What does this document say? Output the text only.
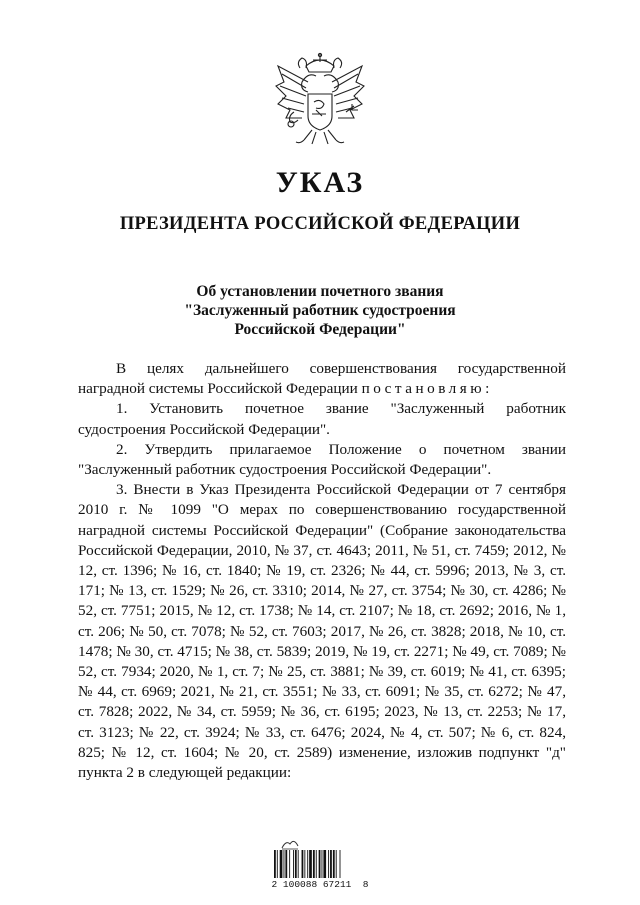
УКАЗ
ПРЕЗИДЕНТА РОССИЙСКОЙ ФЕДЕРАЦИИ
Об установлении почетного звания
"Заслуженный работник судостроения
Российской Федерации"

В целях дальнейшего совершенствования государственной наградной системы Российской Федерации постановляю:

1. Установить почетное звание "Заслуженный работник судостроения Российской Федерации".

2. Утвердить прилагаемое Положение о почетном звании "Заслуженный работник судостроения Российской Федерации".

3. Внести в Указ Президента Российской Федерации от 7 сентября 2010 г. № 1099 "О мерах по совершенствованию государственной наградной системы Российской Федерации" (Собрание законодательства Российской Федерации, 2010, № 37, ст. 4643; 2011, № 51, ст. 7459; 2012, № 12, ст. 1396; № 16, ст. 1840; № 19, ст. 2326; № 44, ст. 5996; 2013, № 3, ст. 171; № 13, ст. 1529; № 26, ст. 3310; 2014, № 27, ст. 3754; № 30, ст. 4286; № 52, ст. 7751; 2015, № 12, ст. 1738; № 14, ст. 2107; № 18, ст. 2692; 2016, № 1, ст. 206; № 50, ст. 7078; № 52, ст. 7603; 2017, № 26, ст. 3828; 2018, № 10, ст. 1478; № 30, ст. 4715; № 38, ст. 5839; 2019, № 19, ст. 2271; № 49, ст. 7089; № 52, ст. 7934; 2020, № 1, ст. 7; № 25, ст. 3881; № 39, ст. 6019; № 41, ст. 6395; № 44, ст. 6969; 2021, № 21, ст. 3551; № 33, ст. 6091; № 35, ст. 6272; № 47, ст. 7828; 2022, № 34, ст. 5959; № 36, ст. 6195; 2023, № 13, ст. 2253; № 17, ст. 3123; № 22, ст. 3924; № 33, ст. 6476; 2024, № 4, ст. 507; № 6, ст. 824, 825; № 12, ст. 1604; № 20, ст. 2589) изменение, изложив подпункт "д" пункта 2 в следующей редакции:

2 100088 67211  8
